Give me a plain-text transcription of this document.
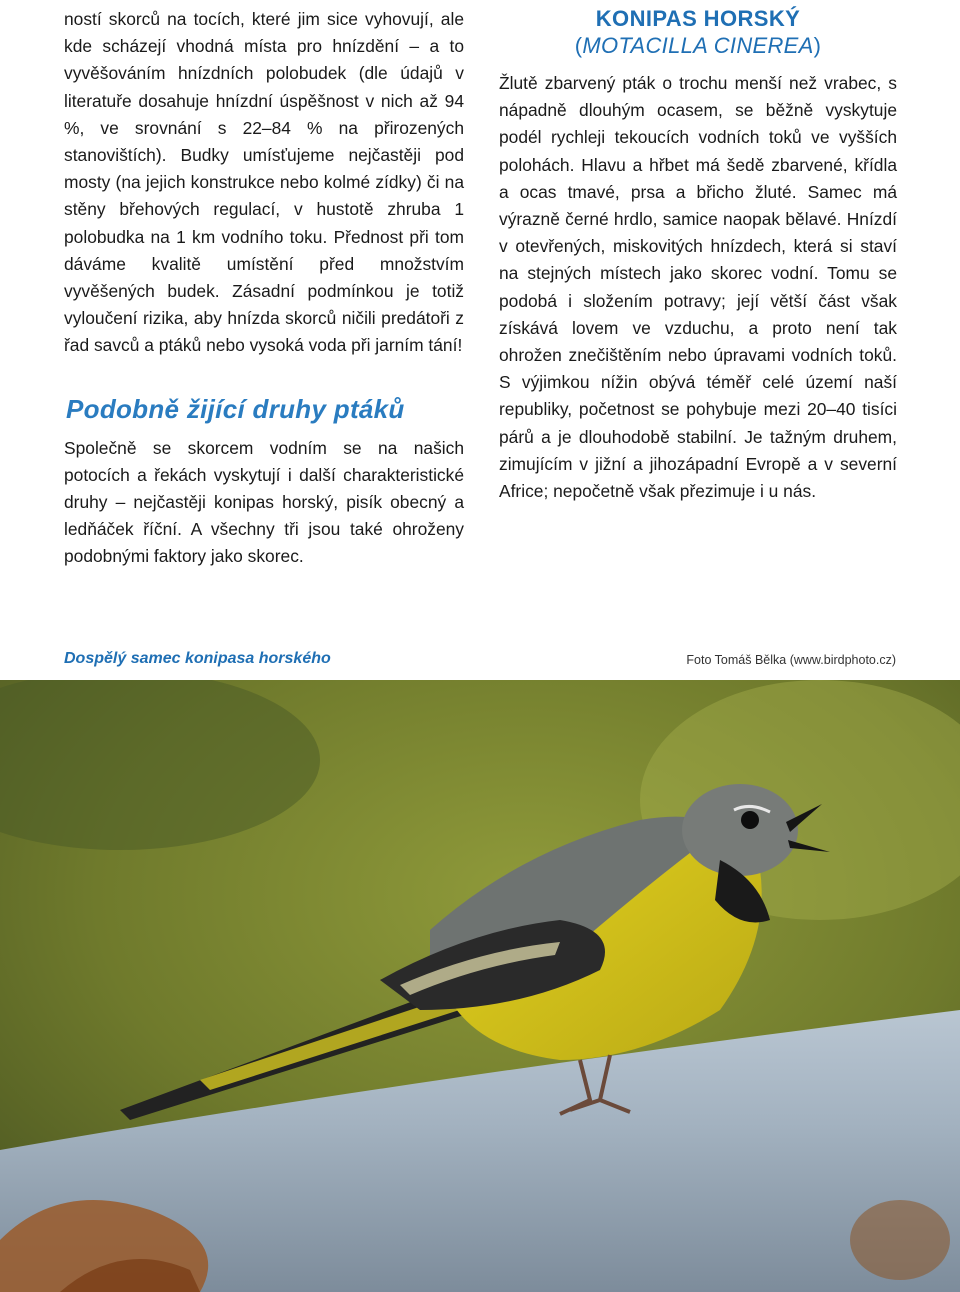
ností skorců na tocích, které jim sice vyhovují, ale kde scházejí vhodná místa pro hnízdění – a to vyvěšováním hnízdních polobudek (dle údajů v literatuře dosahuje hnízdní úspěšnost v nich až 94 %, ve srovnání s 22–84 % na přirozených stanovištích). Budky umísťujeme nejčastěji pod mosty (na jejich konstrukce nebo kolmé zídky) či na stěny břehových regulací, v hustotě zhruba 1 polobudka na 1 km vodního toku. Přednost při tom dáváme kvalitě umístění před množstvím vyvěšených budek. Zásadní podmínkou je totiž vyloučení rizika, aby hnízda skorců ničili predátoři z řad savců a ptáků nebo vysoká voda při jarním tání!

Podobně žijící druhy ptáků

Společně se skorcem vodním se na našich potocích a řekách vyskytují i další charakteristické druhy – nejčastěji konipas horský, pisík obecný a ledňáček říční. A všechny tři jsou také ohroženy podobnými faktory jako skorec.

KONIPAS HORSKÝ
(MOTACILLA CINEREA)

Žlutě zbarvený pták o trochu menší než vrabec, s nápadně dlouhým ocasem, se běžně vyskytuje podél rychleji tekoucích vodních toků ve vyšších polohách. Hlavu a hřbet má šedě zbarvené, křídla a ocas tmavé, prsa a břicho žluté. Samec má výrazně černé hrdlo, samice naopak bělavé. Hnízdí v otevřených, miskovitých hnízdech, která si staví na stejných místech jako skorec vodní. Tomu se podobá i složením potravy; její větší část však získává lovem ve vzduchu, a proto není tak ohrožen znečištěním nebo úpravami vodních toků. S výjimkou nížin obývá téměř celé území naší republiky, početnost se pohybuje mezi 20–40 tisíci párů a je dlouhodobě stabilní. Je tažným druhem, zimujícím v jižní a jihozápadní Evropě a v severní Africe; nepočetně však přezimuje i u nás.

Dospělý samec konipasa horského	Foto Tomáš Bělka (www.birdphoto.cz)
